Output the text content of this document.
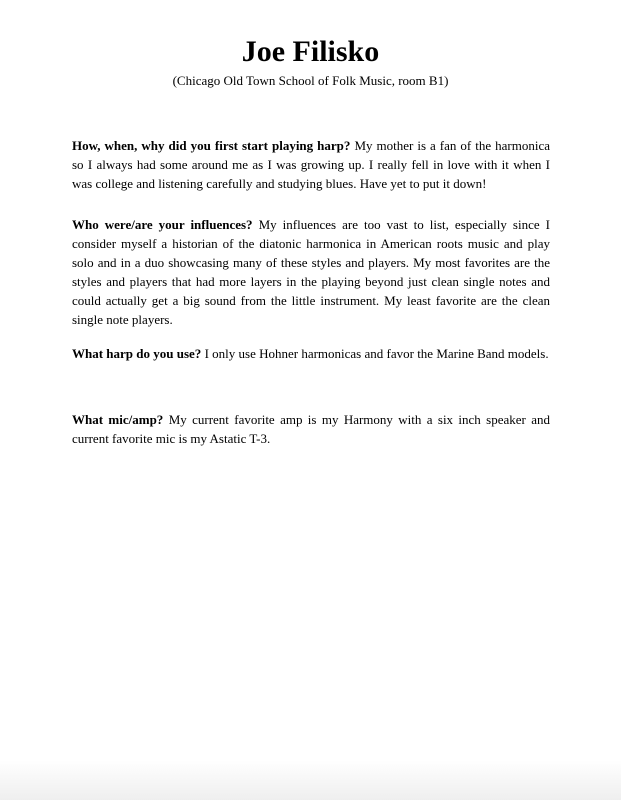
Joe Filisko

(Chicago Old Town School of Folk Music, room B1)

How, when, why did you first start playing harp? My mother is a fan of the harmonica so I always had some around me as I was growing up. I really fell in love with it when I was college and listening carefully and studying blues. Have yet to put it down!

Who were/are your influences? My influences are too vast to list, especially since I consider myself a historian of the diatonic harmonica in American roots music and play solo and in a duo showcasing many of these styles and players. My most favorites are the styles and players that had more layers in the playing beyond just clean single notes and could actually get a big sound from the little instrument. My least favorite are the clean single note players.

What harp do you use? I only use Hohner harmonicas and favor the Marine Band models.

What mic/amp? My current favorite amp is my Harmony with a six inch speaker and current favorite mic is my Astatic T-3.
